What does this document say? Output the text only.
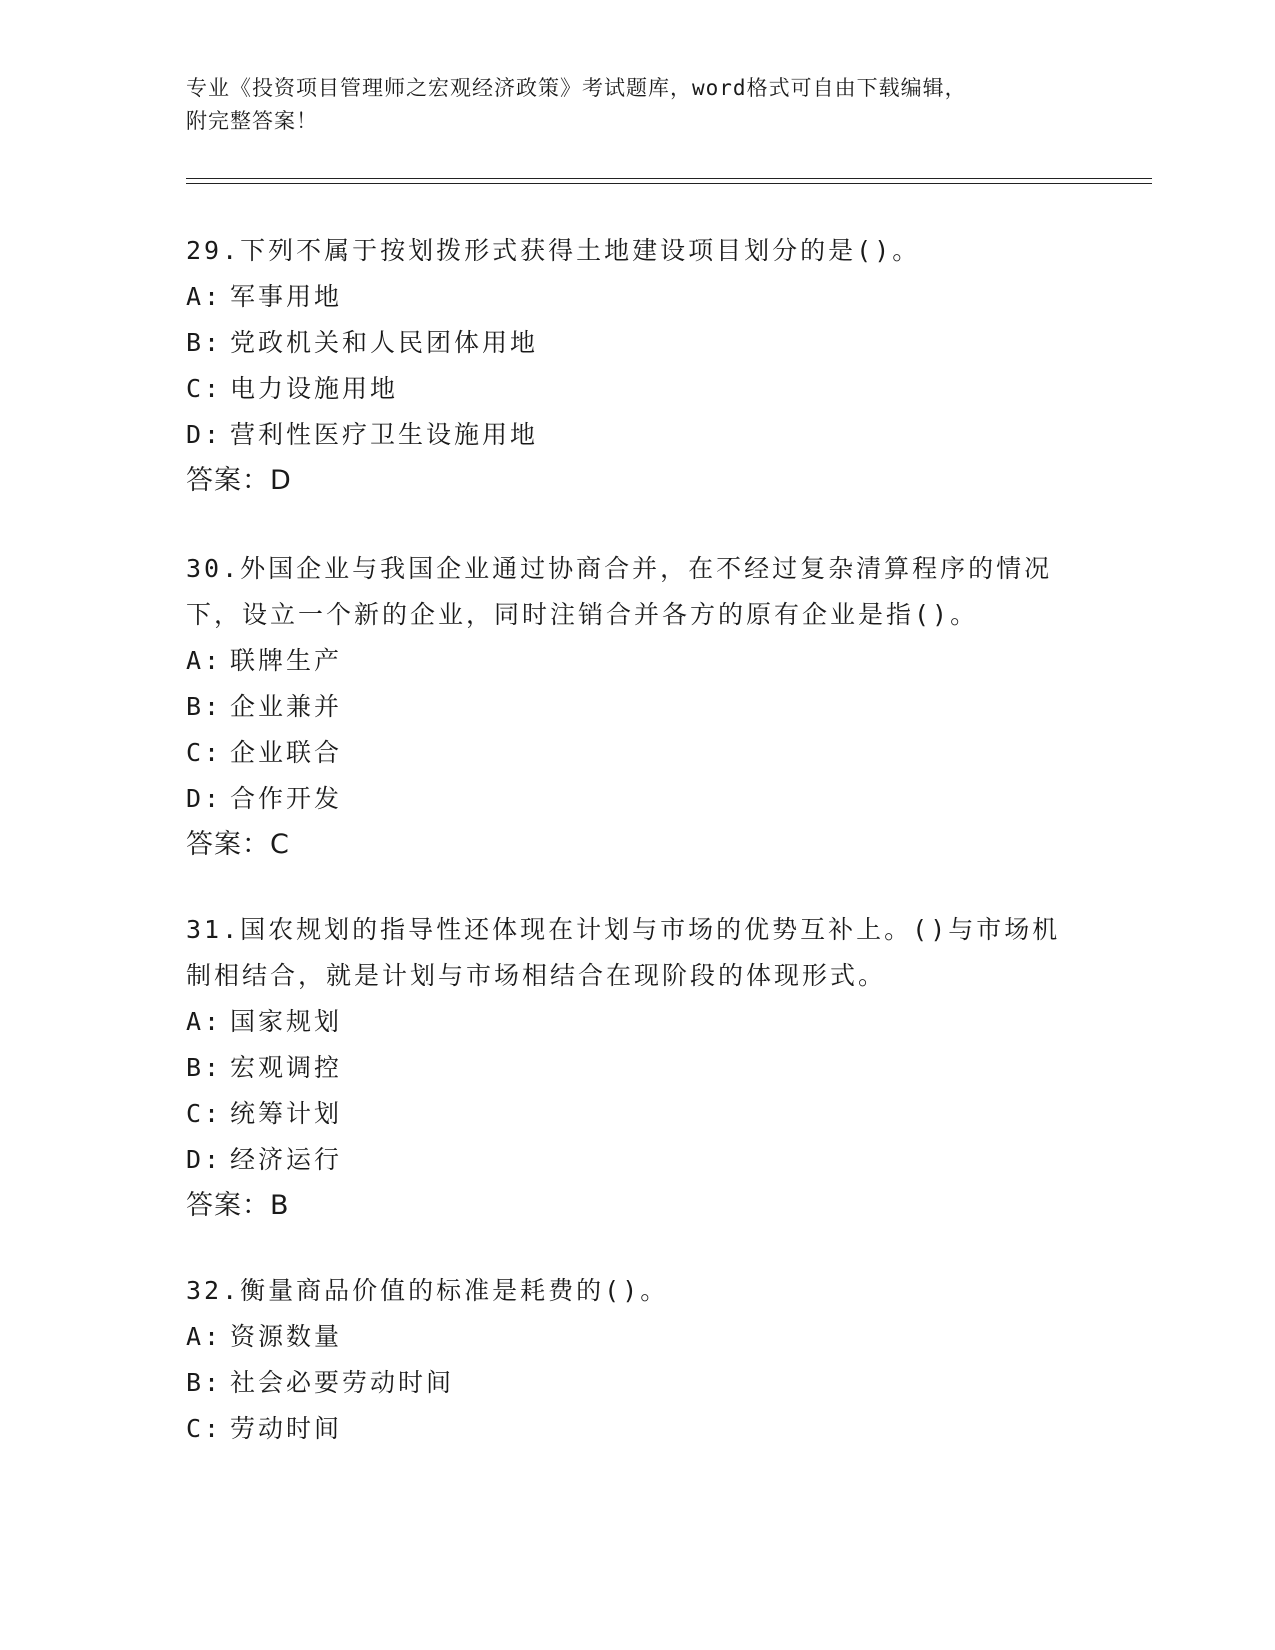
专业《投资项目管理师之宏观经济政策》考试题库，word格式可自由下载编辑，
附完整答案！
29.下列不属于按划拨形式获得土地建设项目划分的是()。
A: 军事用地
B: 党政机关和人民团体用地
C: 电力设施用地
D: 营利性医疗卫生设施用地
答案：D
30.外国企业与我国企业通过协商合并，在不经过复杂清算程序的情况下，设立一个新的企业，同时注销合并各方的原有企业是指()。
A: 联牌生产
B: 企业兼并
C: 企业联合
D: 合作开发
答案：C
31.国农规划的指导性还体现在计划与市场的优势互补上。()与市场机制相结合，就是计划与市场相结合在现阶段的体现形式。
A: 国家规划
B: 宏观调控
C: 统筹计划
D: 经济运行
答案：B
32.衡量商品价值的标准是耗费的()。
A: 资源数量
B: 社会必要劳动时间
C: 劳动时间
